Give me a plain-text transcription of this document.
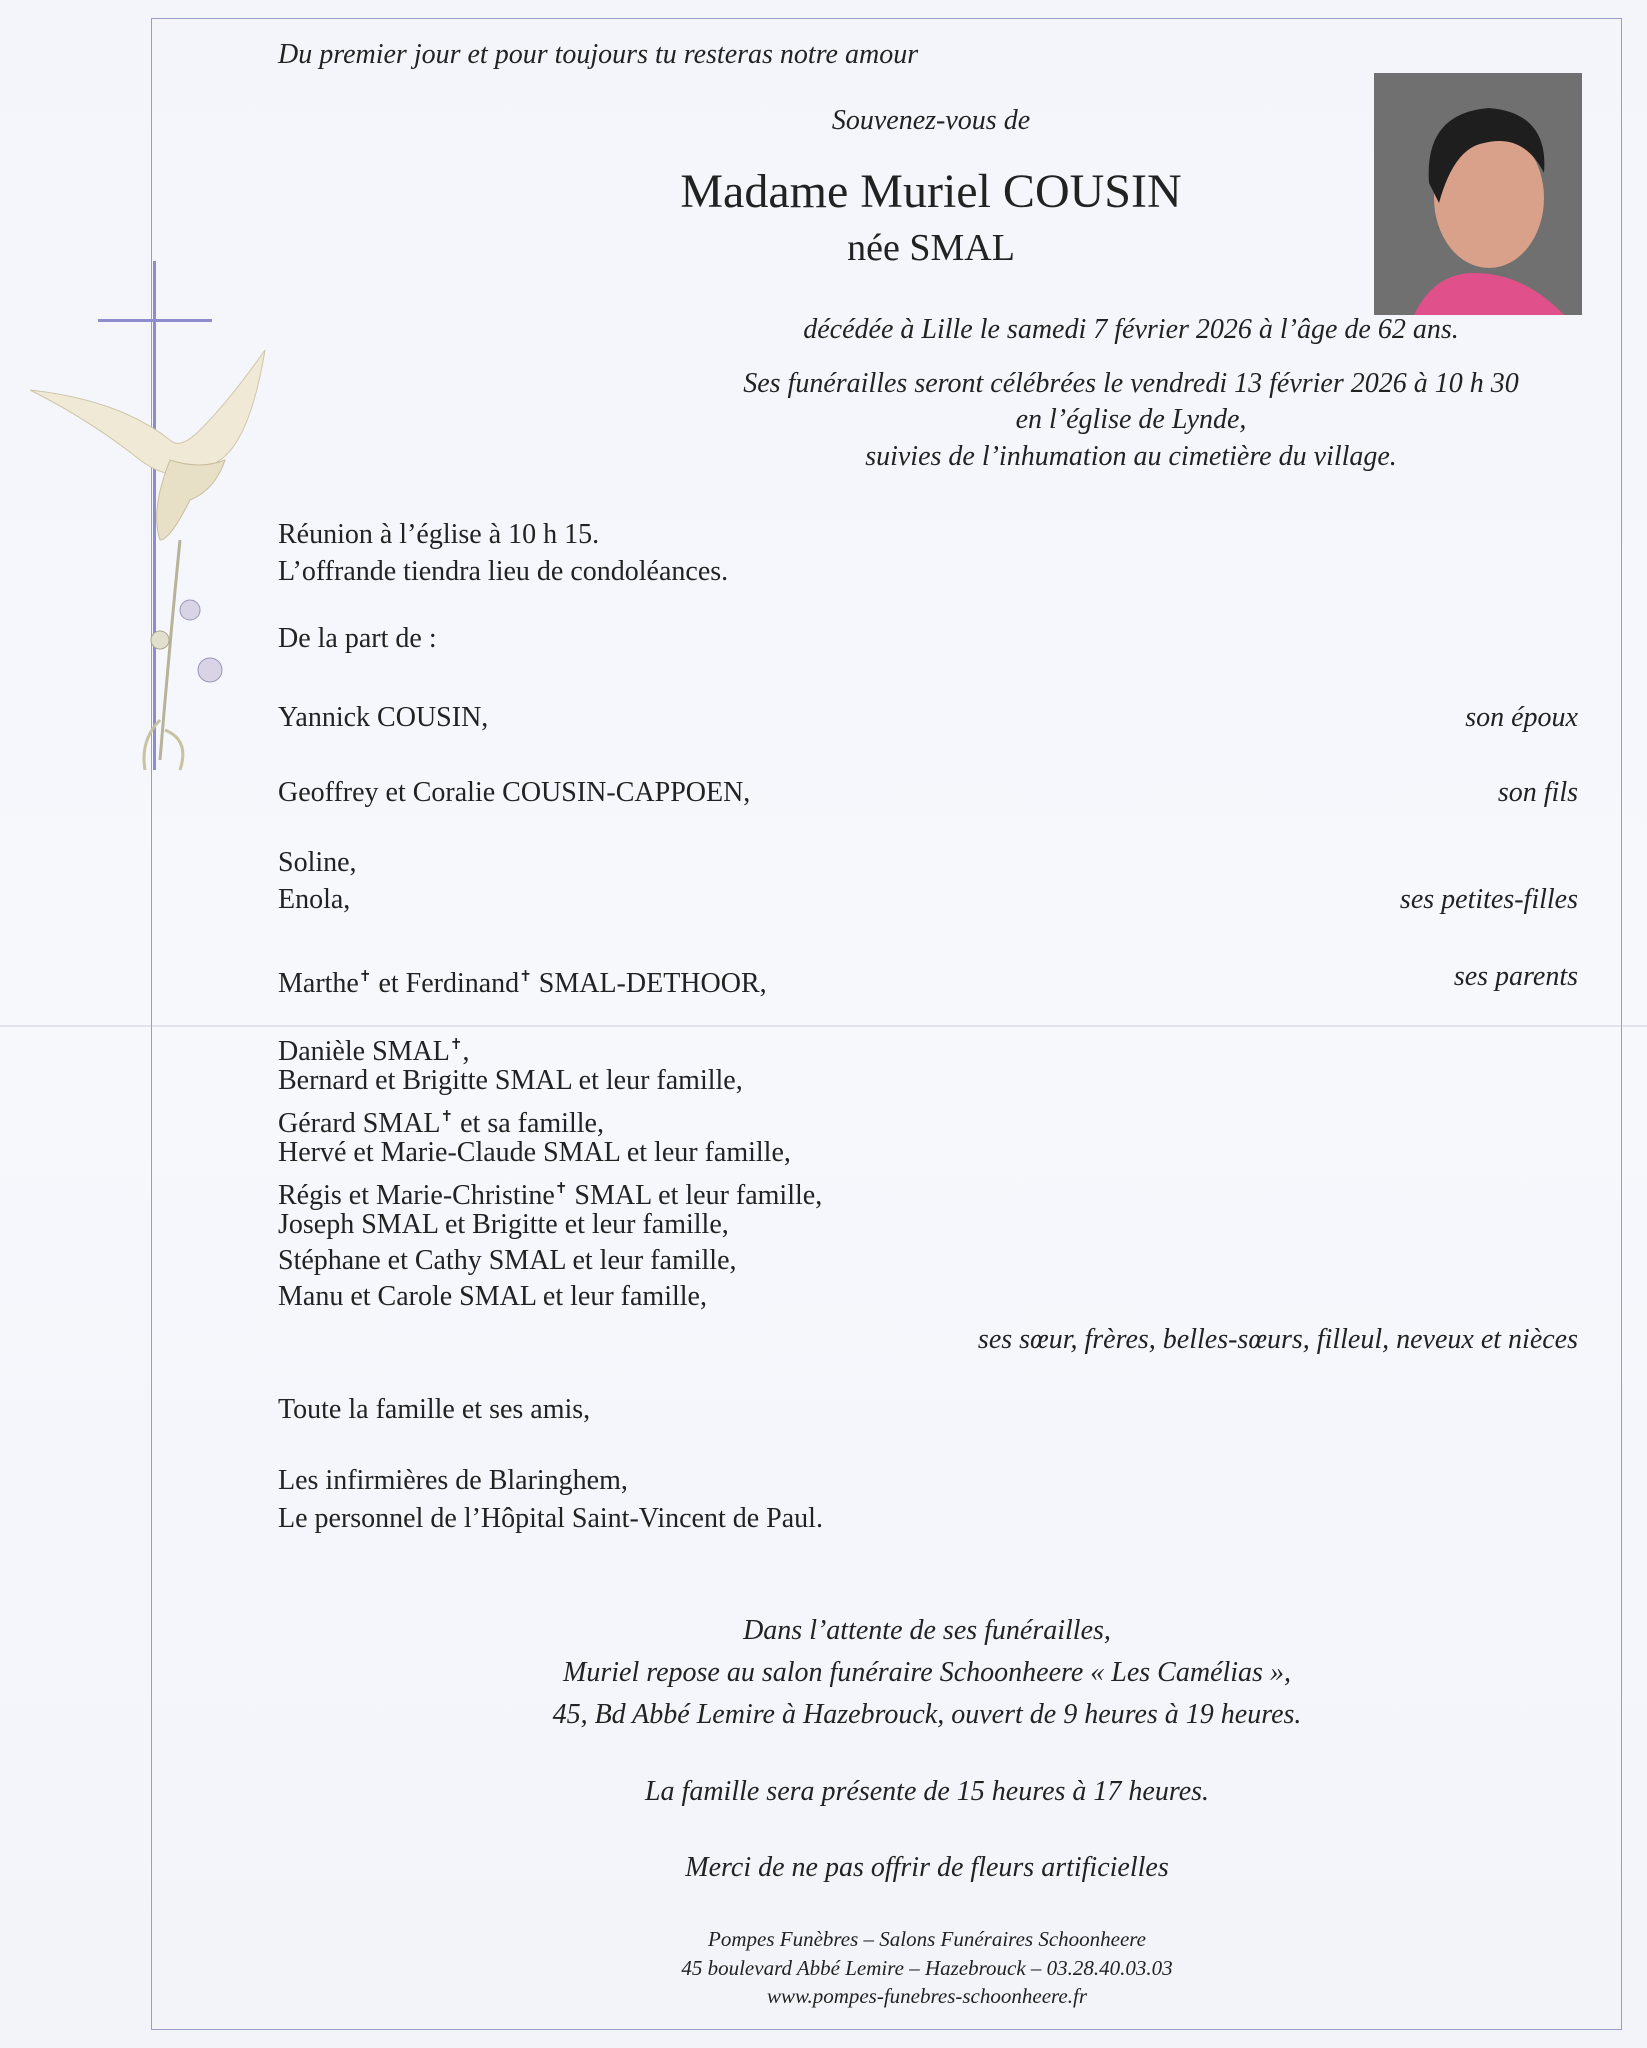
Du premier jour et pour toujours tu resteras notre amour
Souvenez-vous de
Madame Muriel COUSIN
née SMAL
décédée à Lille le samedi 7 février 2026 à l’âge de 62 ans.
Ses funérailles seront célébrées le vendredi 13 février 2026 à 10 h 30
en l’église de Lynde,
suivies de l’inhumation au cimetière du village.
Réunion à l’église à 10 h 15.
L’offrande tiendra lieu de condoléances.
De la part de :
Yannick COUSIN,	son époux
Geoffrey et Coralie COUSIN-CAPPOEN,	son fils
Soline,
Enola,	ses petites-filles
Marthe✝ et Ferdinand✝ SMAL-DETHOOR,	ses parents
Danièle SMAL✝,
Bernard et Brigitte SMAL et leur famille,
Gérard SMAL✝ et sa famille,
Hervé et Marie-Claude SMAL et leur famille,
Régis et Marie-Christine✝ SMAL et leur famille,
Joseph SMAL et Brigitte et leur famille,
Stéphane et Cathy SMAL et leur famille,
Manu et Carole SMAL et leur famille,
ses sœur, frères, belles-sœurs, filleul, neveux et nièces
Toute la famille et ses amis,
Les infirmières de Blaringhem,
Le personnel de l’Hôpital Saint-Vincent de Paul.
Dans l’attente de ses funérailles,
Muriel repose au salon funéraire Schoonheere « Les Camélias »,
45, Bd Abbé Lemire à Hazebrouck, ouvert de 9 heures à 19 heures.
La famille sera présente de 15 heures à 17 heures.
Merci de ne pas offrir de fleurs artificielles
Pompes Funèbres – Salons Funéraires Schoonheere
45 boulevard Abbé Lemire – Hazebrouck – 03.28.40.03.03
www.pompes-funebres-schoonheere.fr
